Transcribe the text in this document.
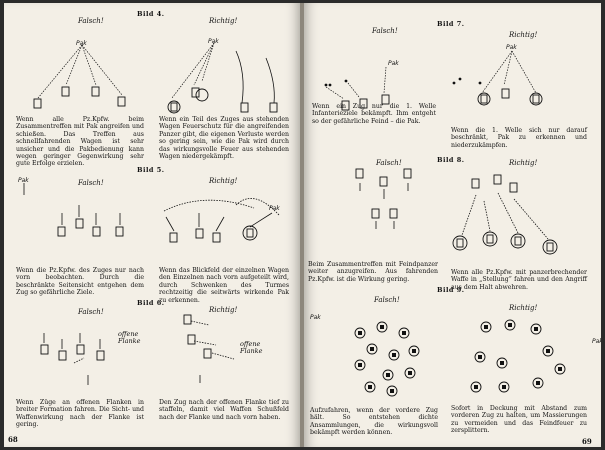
Bild 4.
Falsch!	Richtig!
Pak	Pak
Wenn alle Pz.Kpfw. beim Zusammentreffen mit Pak angreifen und schießen. Das Treffen aus schnellfahrenden Wagen ist sehr unsicher und die Pakbedienung kann wegen geringer Gegenwirkung sehr gute Erfolge erzielen.
Wenn ein Teil des Zuges aus stehenden Wagen Feuerschutz für die angreifenden Panzer gibt, die eigenen Verluste werden so gering sein, wie die Pak wird durch das wirkungsvolle Feuer aus stehenden Wagen niedergekämpft.
Bild 5.
Falsch!	Richtig!
Pak
Pak
Wenn die Pz.Kpfw. des Zuges nur nach vorn beobachten. Durch die beschränkte Seitensicht entgehen dem Zug so gefährliche Ziele.
Wenn das Blickfeld der einzelnen Wagen den Einzelnen nach vorn aufgeteilt wird, durch Schwenken des Turmes rechtzeitig die seitwärts wirkende Pak zu erkennen.
Bild 6.
Falsch!	Richtig!
offene Flanke	offene Flanke
Wenn Züge an offenen Flanken in breiter Formation fahren. Die Sicht- und Waffenwirkung nach der Flanke ist gering.
Den Zug nach der offenen Flanke tief zu staffeln, damit viel Waffen Schußfeld nach der Flanke und nach vorn haben.
68
Bild 7.
Falsch!	Richtig!
Pak
Pak
Wenn ein Zug nur die 1. Welle Infanterieziele bekämpft. Ihm entgeht so der gefährliche Feind – die Pak.
Wenn die 1. Welle sich nur darauf beschränkt, Pak zu erkennen und niederzukämpfen.
Bild 8.
Falsch!	Richtig!
Beim Zusammentreffen mit Feindpanzer weiter anzugreifen. Aus fahrenden Pz.Kpfw. ist die Wirkung gering.
Wenn alle Pz.Kpfw. mit panzerbrechender Waffe in „Stellung“ fahren und den Angriff aus dem Halt abwehren.
Bild 9.
Falsch!
Richtig!
Pak
Pak
Aufzufahren, wenn der vordere Zug hält. So entstehen dichte Ansammlungen, die wirkungsvoll bekämpft werden können.
Sofort in Deckung mit Abstand zum vorderen Zug zu halten, um Massierungen zu vermeiden und das Feindfeuer zu zersplittern.
69
